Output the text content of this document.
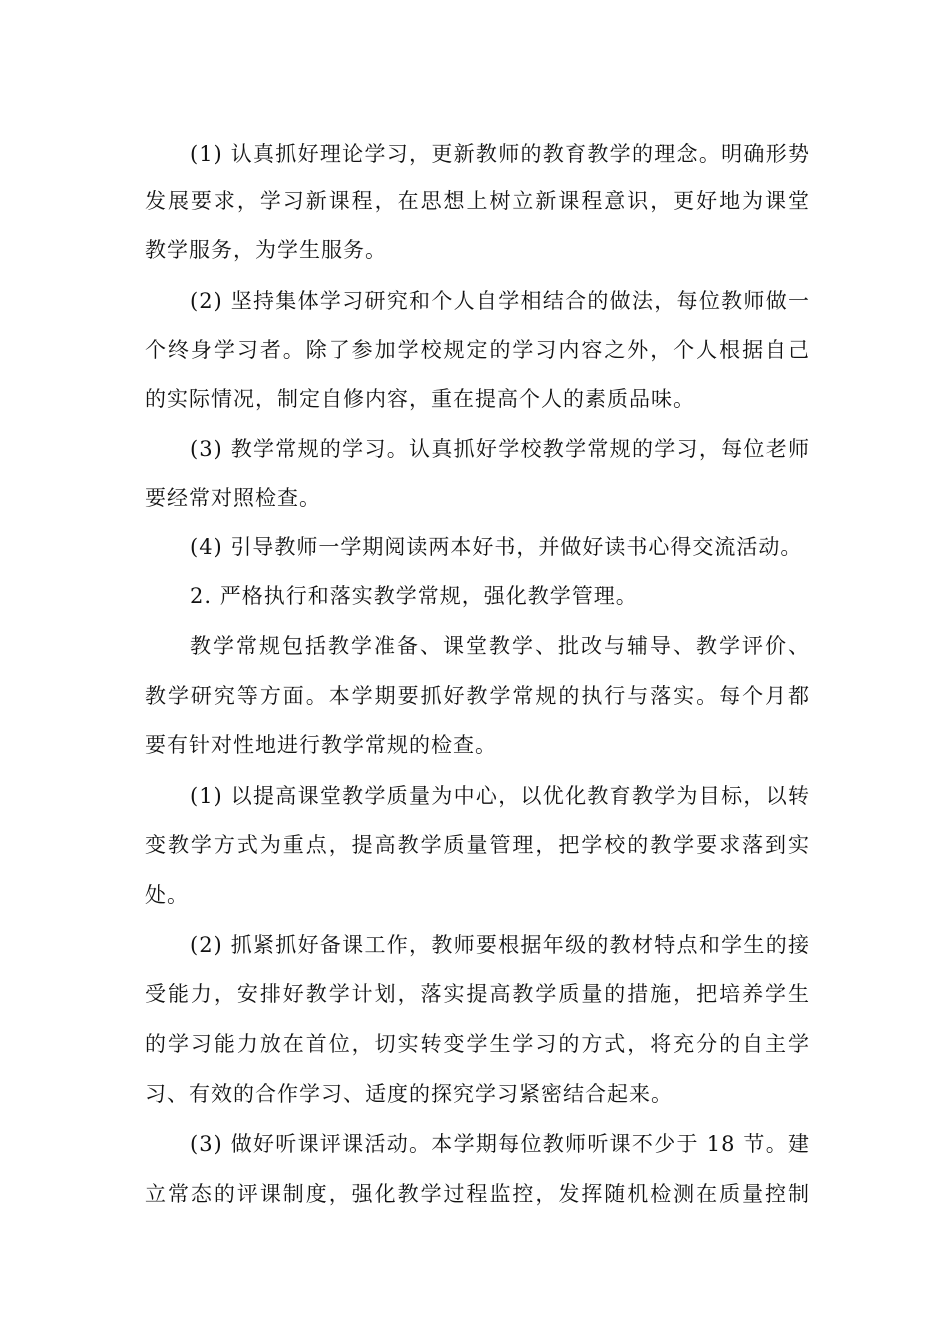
(1) 认真抓好理论学习，更新教师的教育教学的理念。明确形势
发展要求，学习新课程，在思想上树立新课程意识，更好地为课堂
教学服务，为学生服务。
(2) 坚持集体学习研究和个人自学相结合的做法，每位教师做一
个终身学习者。除了参加学校规定的学习内容之外，个人根据自己
的实际情况，制定自修内容，重在提高个人的素质品味。
(3) 教学常规的学习。认真抓好学校教学常规的学习，每位老师
要经常对照检查。
(4) 引导教师一学期阅读两本好书，并做好读书心得交流活动。
2. 严格执行和落实教学常规，强化教学管理。
教学常规包括教学准备、课堂教学、批改与辅导、教学评价、
教学研究等方面。本学期要抓好教学常规的执行与落实。每个月都
要有针对性地进行教学常规的检查。
(1) 以提高课堂教学质量为中心，以优化教育教学为目标，以转
变教学方式为重点，提高教学质量管理，把学校的教学要求落到实
处。
(2) 抓紧抓好备课工作，教师要根据年级的教材特点和学生的接
受能力，安排好教学计划，落实提高教学质量的措施，把培养学生
的学习能力放在首位，切实转变学生学习的方式，将充分的自主学
习、有效的合作学习、适度的探究学习紧密结合起来。
(3) 做好听课评课活动。本学期每位教师听课不少于 18 节。建
立常态的评课制度，强化教学过程监控，发挥随机检测在质量控制
